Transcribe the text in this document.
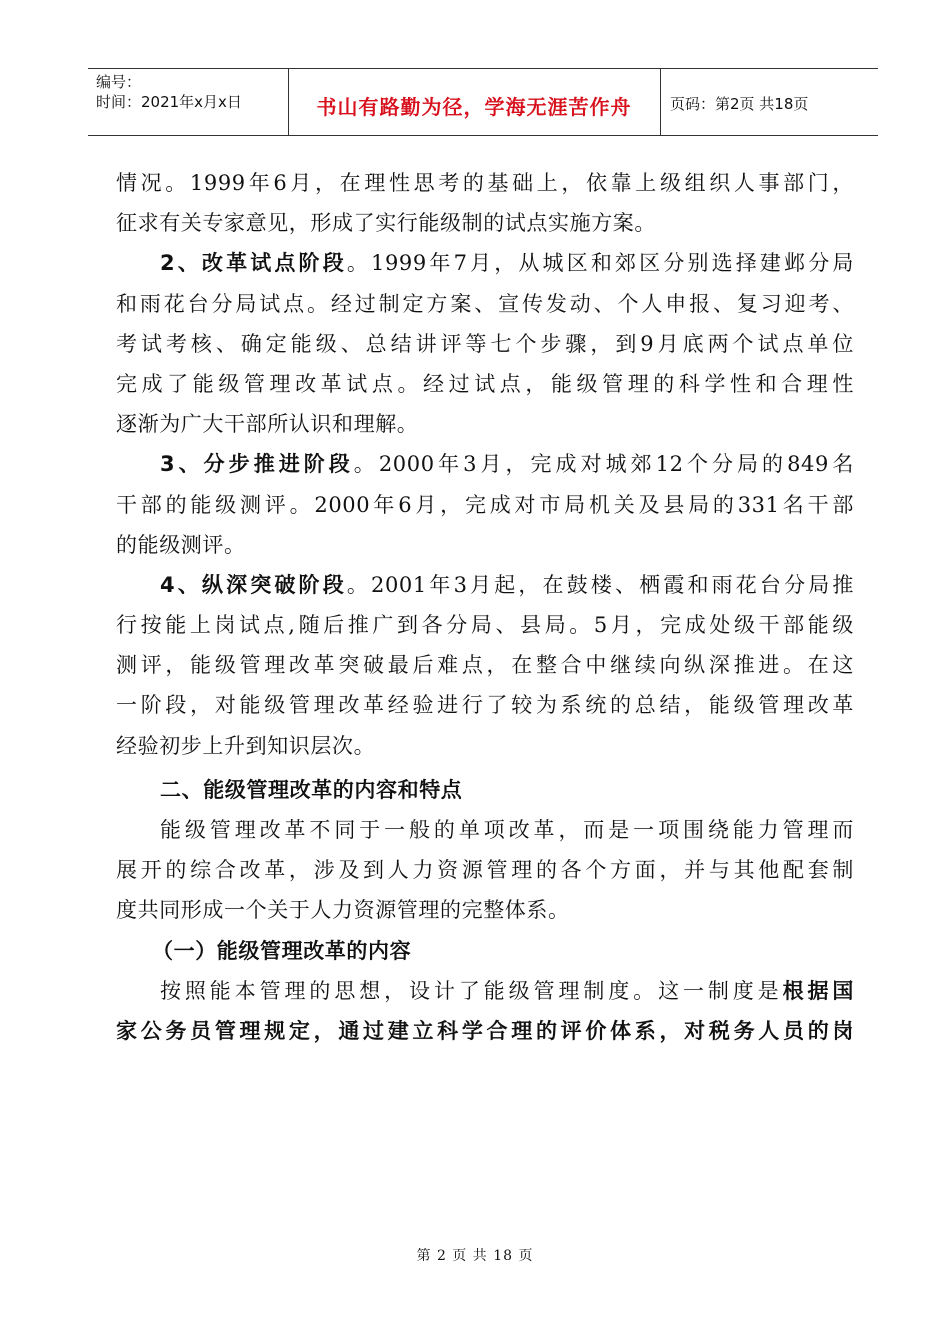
编号：
时间：2021年x月x日	书山有路勤为径，学海无涯苦作舟	页码：第2页 共18页
情况。1999年6月，在理性思考的基础上，依靠上级组织人事部门，
征求有关专家意见，形成了实行能级制的试点实施方案。
2、改革试点阶段。1999年7月，从城区和郊区分别选择建邺分局
和雨花台分局试点。经过制定方案、宣传发动、个人申报、复习迎考、
考试考核、确定能级、总结讲评等七个步骤，到9月底两个试点单位
完成了能级管理改革试点。经过试点，能级管理的科学性和合理性
逐渐为广大干部所认识和理解。
3、分步推进阶段。2000年3月，完成对城郊12个分局的849名
干部的能级测评。2000年6月，完成对市局机关及县局的331名干部
的能级测评。
4、纵深突破阶段。2001年3月起，在鼓楼、栖霞和雨花台分局推
行按能上岗试点,随后推广到各分局、县局。5月，完成处级干部能级
测评，能级管理改革突破最后难点，在整合中继续向纵深推进。在这
一阶段，对能级管理改革经验进行了较为系统的总结，能级管理改革
经验初步上升到知识层次。
二、能级管理改革的内容和特点
能级管理改革不同于一般的单项改革，而是一项围绕能力管理而
展开的综合改革，涉及到人力资源管理的各个方面，并与其他配套制
度共同形成一个关于人力资源管理的完整体系。
（一）能级管理改革的内容
按照能本管理的思想，设计了能级管理制度。这一制度是根据国
家公务员管理规定，通过建立科学合理的评价体系，对税务人员的岗
第 2 页 共 18 页
